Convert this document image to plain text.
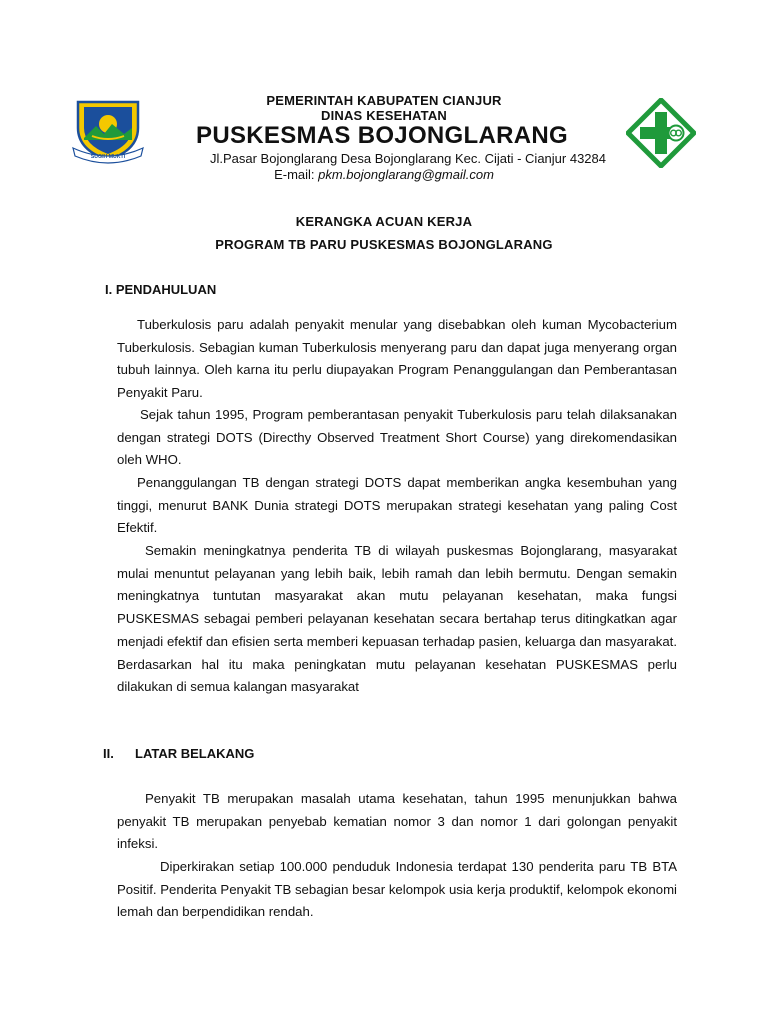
SUGIH MUKTI

PEMERINTAH KABUPATEN CIANJUR

DINAS KESEHATAN

PUSKESMAS BOJONGLARANG

Jl.Pasar Bojonglarang Desa Bojonglarang Kec. Cijati - Cianjur 43284

E-mail: pkm.bojonglarang@gmail.com

KERANGKA ACUAN KERJA

PROGRAM TB PARU PUSKESMAS BOJONGLARANG

I. PENDAHULUAN

Tuberkulosis paru adalah penyakit menular yang disebabkan oleh kuman Mycobacterium Tuberkulosis. Sebagian kuman Tuberkulosis menyerang paru dan dapat juga menyerang organ tubuh lainnya. Oleh karna itu perlu diupayakan Program Penanggulangan dan Pemberantasan Penyakit Paru.

Sejak tahun 1995, Program pemberantasan penyakit Tuberkulosis paru telah dilaksanakan dengan strategi DOTS (Directhy Observed Treatment Short Course) yang direkomendasikan oleh WHO.

Penanggulangan TB dengan strategi DOTS dapat memberikan angka kesembuhan yang tinggi, menurut BANK Dunia strategi DOTS merupakan strategi kesehatan yang paling Cost Efektif.

Semakin meningkatnya penderita TB di wilayah puskesmas Bojonglarang, masyarakat mulai menuntut pelayanan yang lebih baik, lebih ramah dan lebih bermutu. Dengan semakin meningkatnya tuntutan masyarakat akan mutu pelayanan kesehatan, maka fungsi PUSKESMAS sebagai pemberi pelayanan kesehatan secara bertahap terus ditingkatkan agar menjadi efektif dan efisien serta memberi kepuasan terhadap pasien, keluarga dan masyarakat. Berdasarkan hal itu maka peningkatan mutu pelayanan kesehatan PUSKESMAS perlu dilakukan di semua kalangan masyarakat

II. LATAR BELAKANG

Penyakit TB merupakan masalah utama kesehatan, tahun 1995 menunjukkan bahwa penyakit TB merupakan penyebab kematian nomor 3 dan nomor 1 dari golongan penyakit infeksi.

Diperkirakan setiap 100.000 penduduk Indonesia terdapat 130 penderita paru TB BTA Positif. Penderita Penyakit TB sebagian besar kelompok usia kerja produktif, kelompok ekonomi lemah dan berpendidikan rendah.
